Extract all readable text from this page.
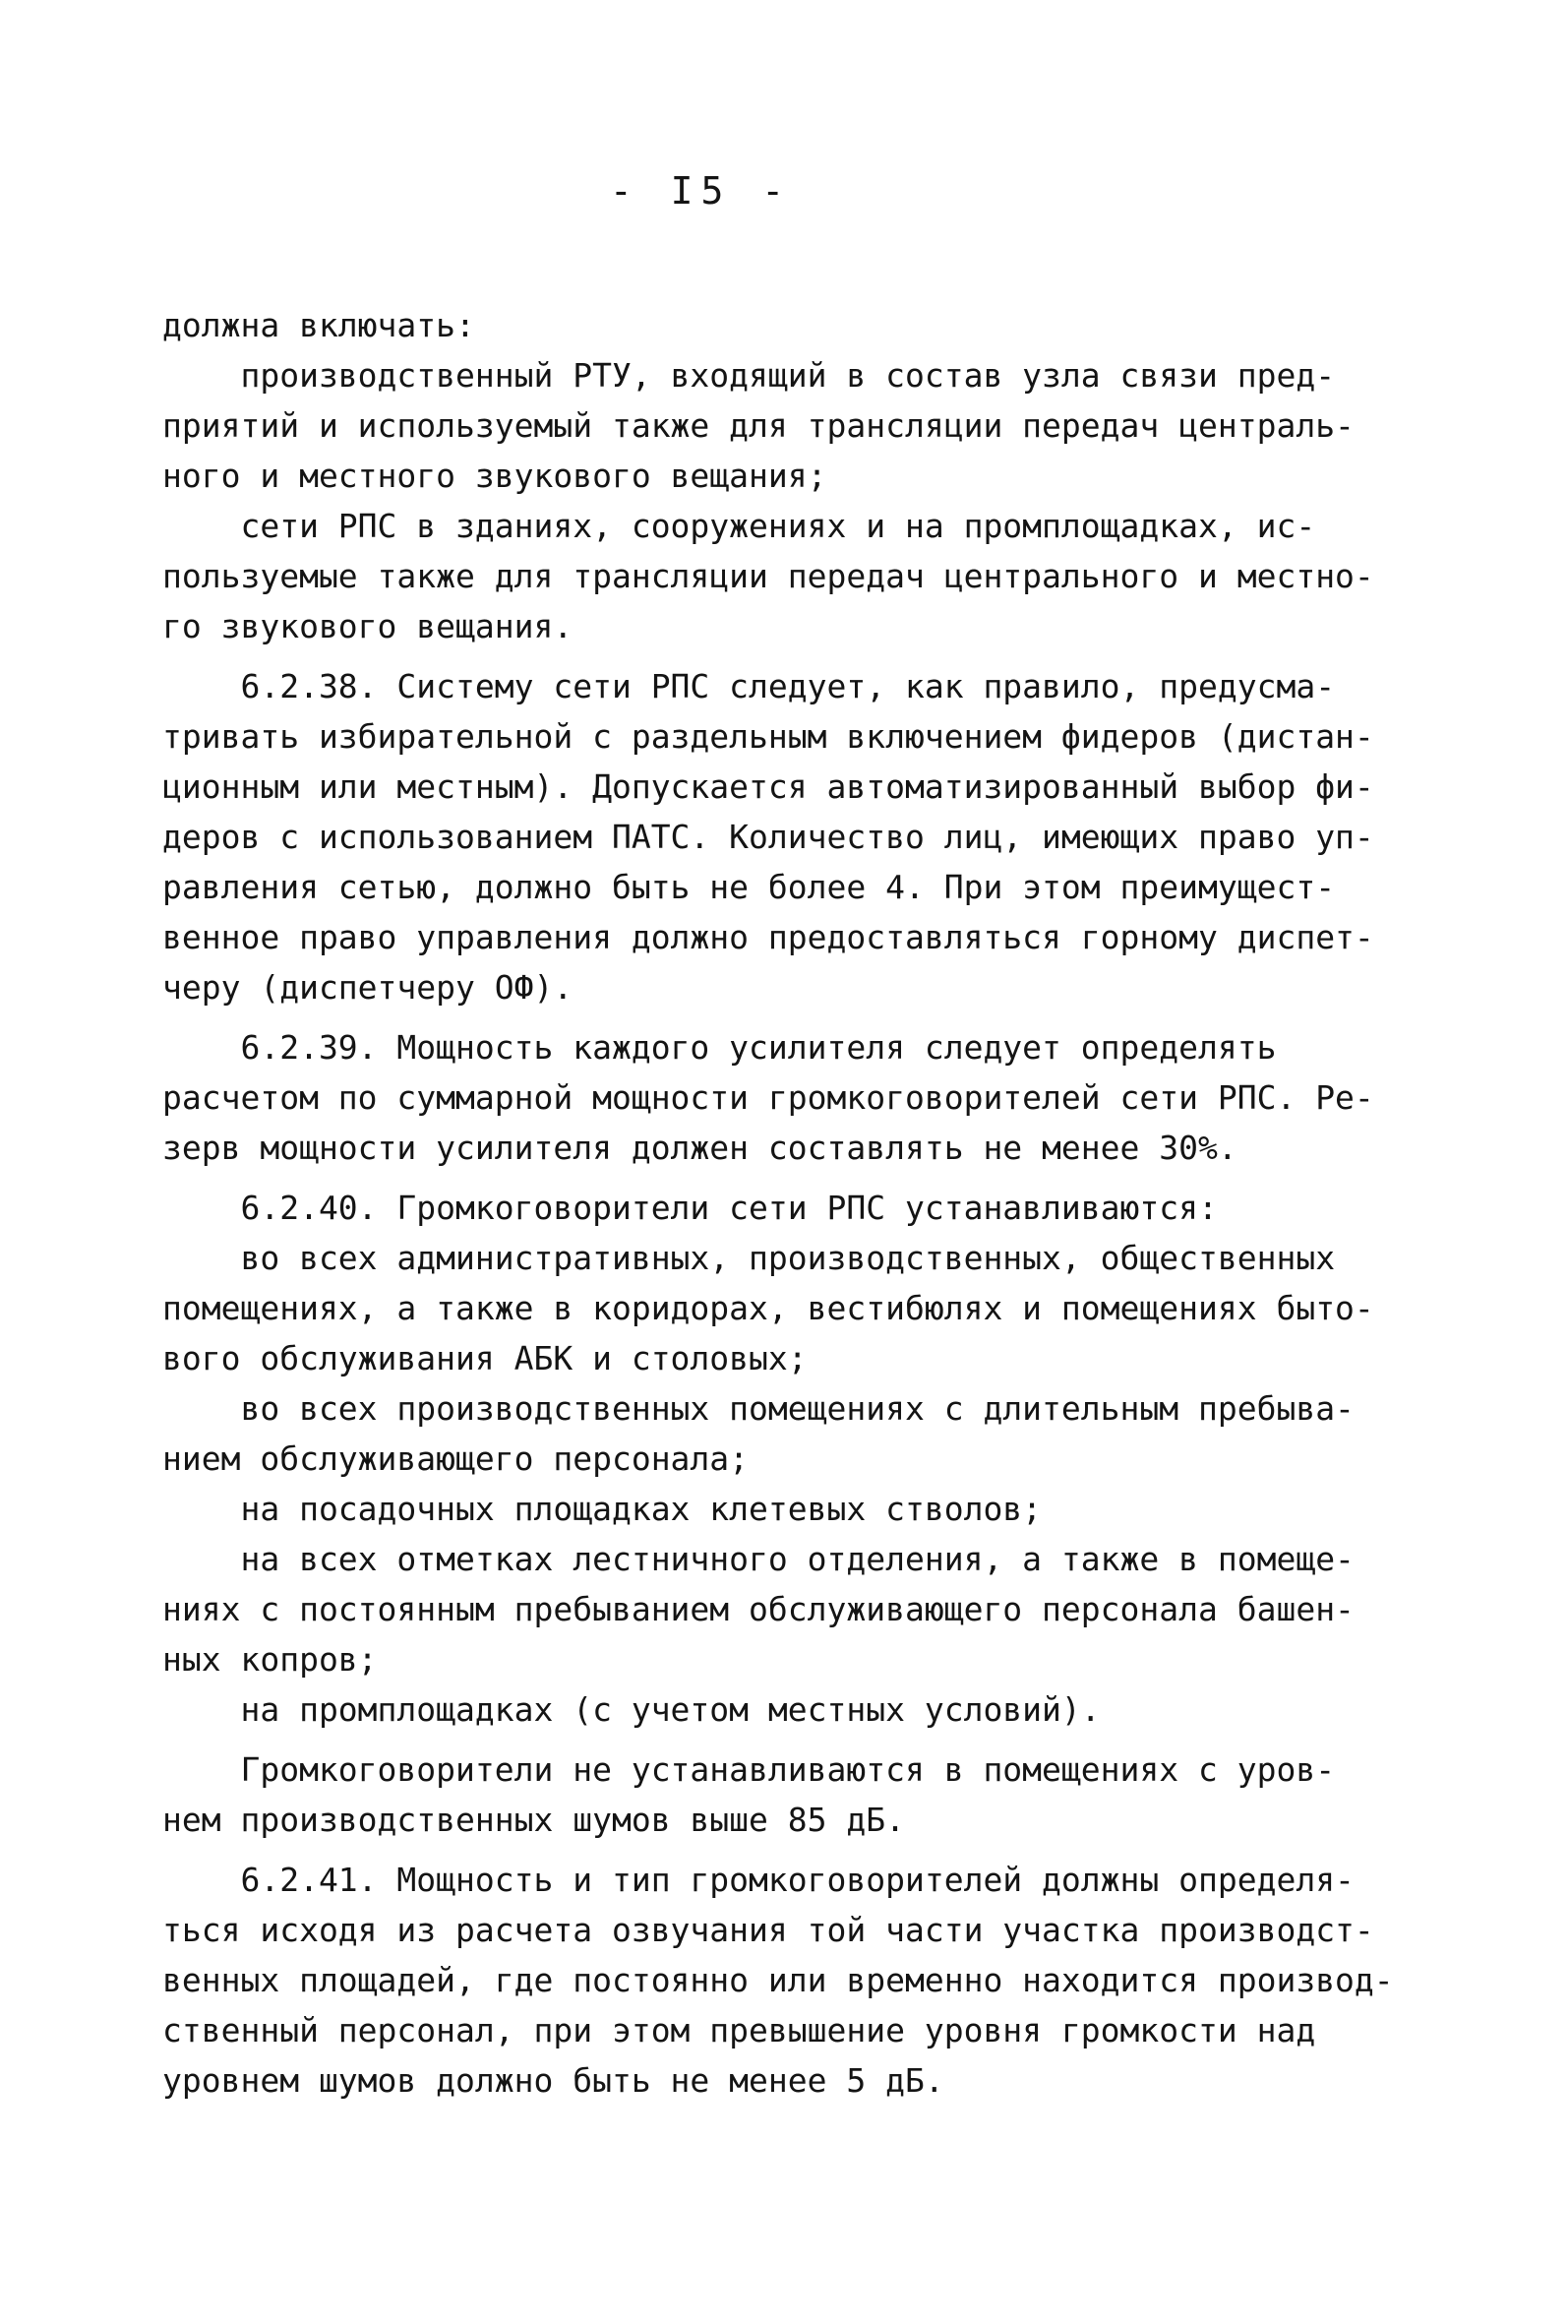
- I5 -
должна включать:
производственный РТУ, входящий в состав узла связи пред-
приятий и используемый также для трансляции передач централь-
ного и местного звукового вещания;
сети РПС в зданиях, сооружениях и на промплощадках, ис-
пользуемые также для трансляции передач центрального и местно-
го звукового вещания.
6.2.38. Систему сети РПС следует, как правило, предусма-
тривать избирательной с раздельным включением фидеров (дистан-
ционным или местным). Допускается автоматизированный выбор фи-
деров с использованием ПАТС. Количество лиц, имеющих право уп-
равления сетью, должно быть не более 4. При этом преимущест-
венное право управления должно предоставляться горному диспет-
черу (диспетчеру ОФ).
6.2.39. Мощность каждого усилителя следует определять
расчетом по суммарной мощности громкоговорителей сети РПС. Ре-
зерв мощности усилителя должен составлять не менее 30%.
6.2.40. Громкоговорители сети РПС устанавливаются:
во всех административных, производственных, общественных
помещениях, а также в коридорах, вестибюлях и помещениях быто-
вого обслуживания АБК и столовых;
во всех производственных помещениях с длительным пребыва-
нием обслуживающего персонала;
на посадочных площадках клетевых стволов;
на всех отметках лестничного отделения, а также в помеще-
ниях с постоянным пребыванием обслуживающего персонала башен-
ных копров;
на промплощадках (с учетом местных условий).
Громкоговорители не устанавливаются в помещениях с уров-
нем производственных шумов выше 85 дБ.
6.2.41. Мощность и тип громкоговорителей должны определя-
ться исходя из расчета озвучания той части участка производст-
венных площадей, где постоянно или временно находится производ-
ственный персонал, при этом превышение уровня громкости над
уровнем шумов должно быть не менее 5 дБ.
